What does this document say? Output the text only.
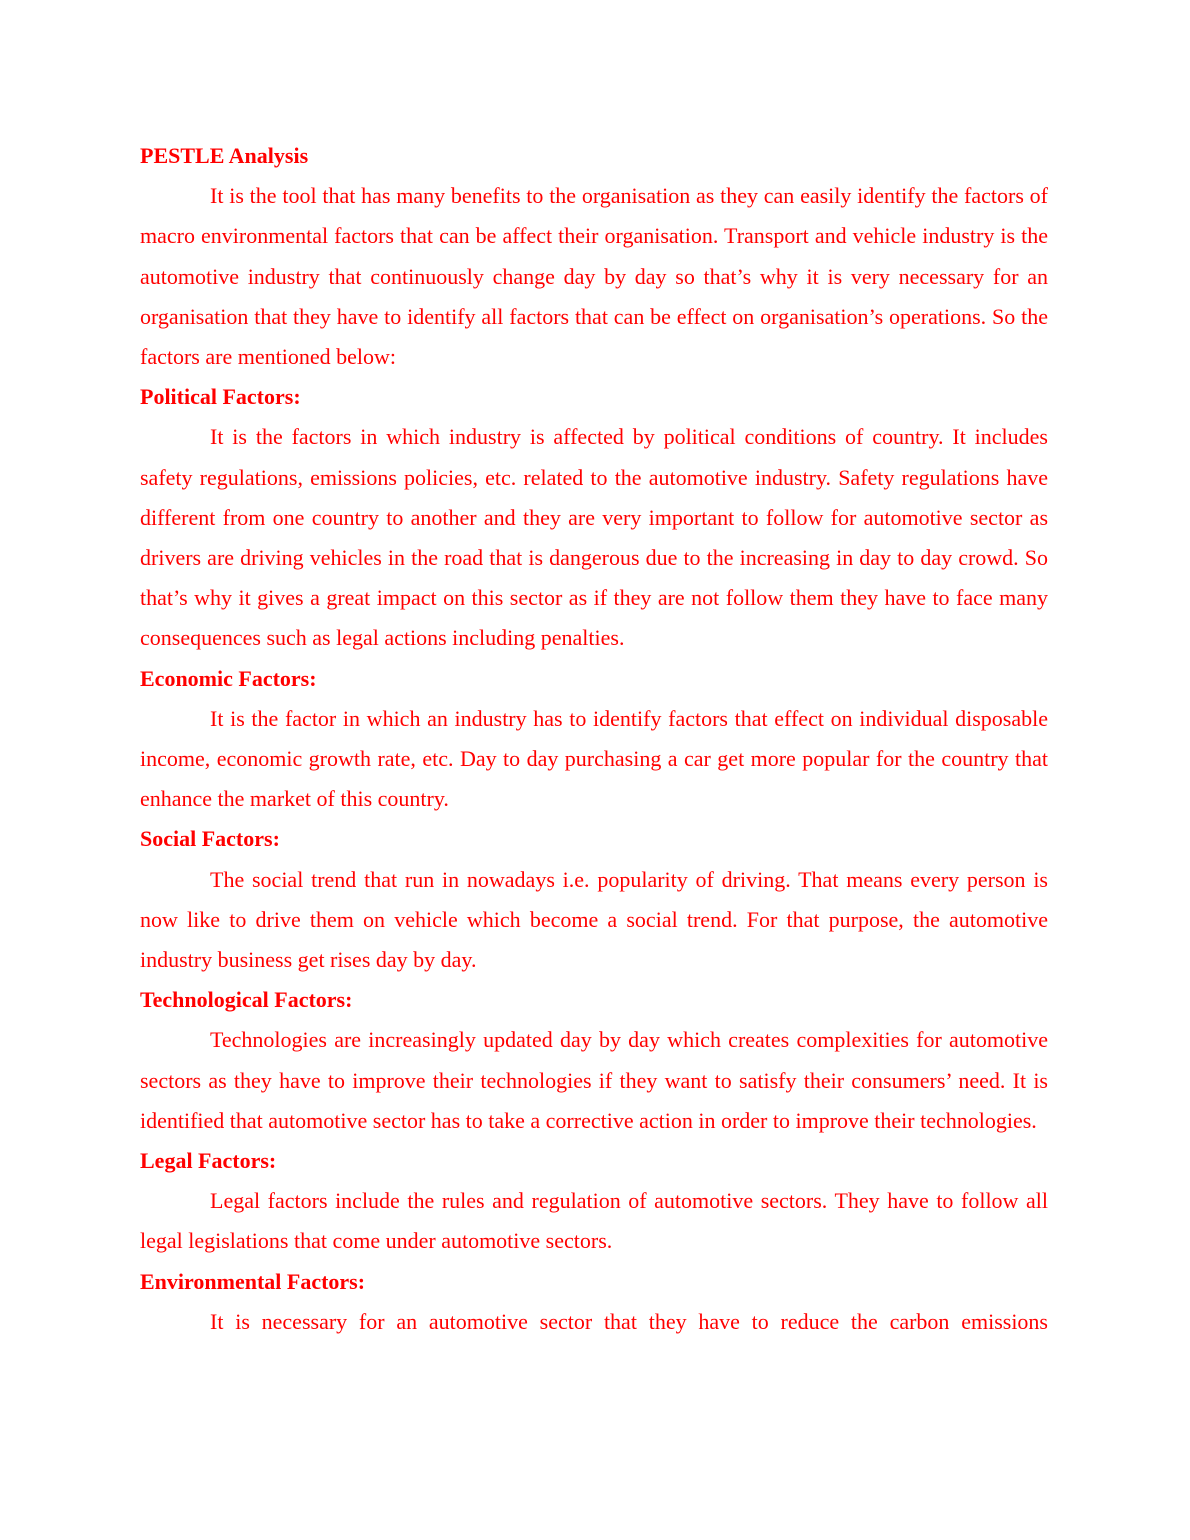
PESTLE Analysis

It is the tool that has many benefits to the organisation as they can easily identify the factors of macro environmental factors that can be affect their organisation. Transport and vehicle industry is the automotive industry that continuously change day by day so that’s why it is very necessary for an organisation that they have to identify all factors that can be effect on organisation’s operations. So the factors are mentioned below:

Political Factors:

It is the factors in which industry is affected by political conditions of country. It includes safety regulations, emissions policies, etc. related to the automotive industry. Safety regulations have different from one country to another and they are very important to follow for automotive sector as drivers are driving vehicles in the road that is dangerous due to the increasing in day to day crowd. So that’s why it gives a great impact on this sector as if they are not follow them they have to face many consequences such as legal actions including penalties.

Economic Factors:

It is the factor in which an industry has to identify factors that effect on individual disposable income, economic growth rate, etc. Day to day purchasing a car get more popular for the country that enhance the market of this country.

Social Factors:

The social trend that run in nowadays i.e. popularity of driving. That means every person is now like to drive them on vehicle which become a social trend. For that purpose, the automotive industry business get rises day by day.

Technological Factors:

Technologies are increasingly updated day by day which creates complexities for automotive sectors as they have to improve their technologies if they want to satisfy their consumers’ need. It is identified that automotive sector has to take a corrective action in order to improve their technologies.

Legal Factors:

Legal factors include the rules and regulation of automotive sectors. They have to follow all legal legislations that come under automotive sectors.

Environmental Factors:

It is necessary for an automotive sector that they have to reduce the carbon emissions
